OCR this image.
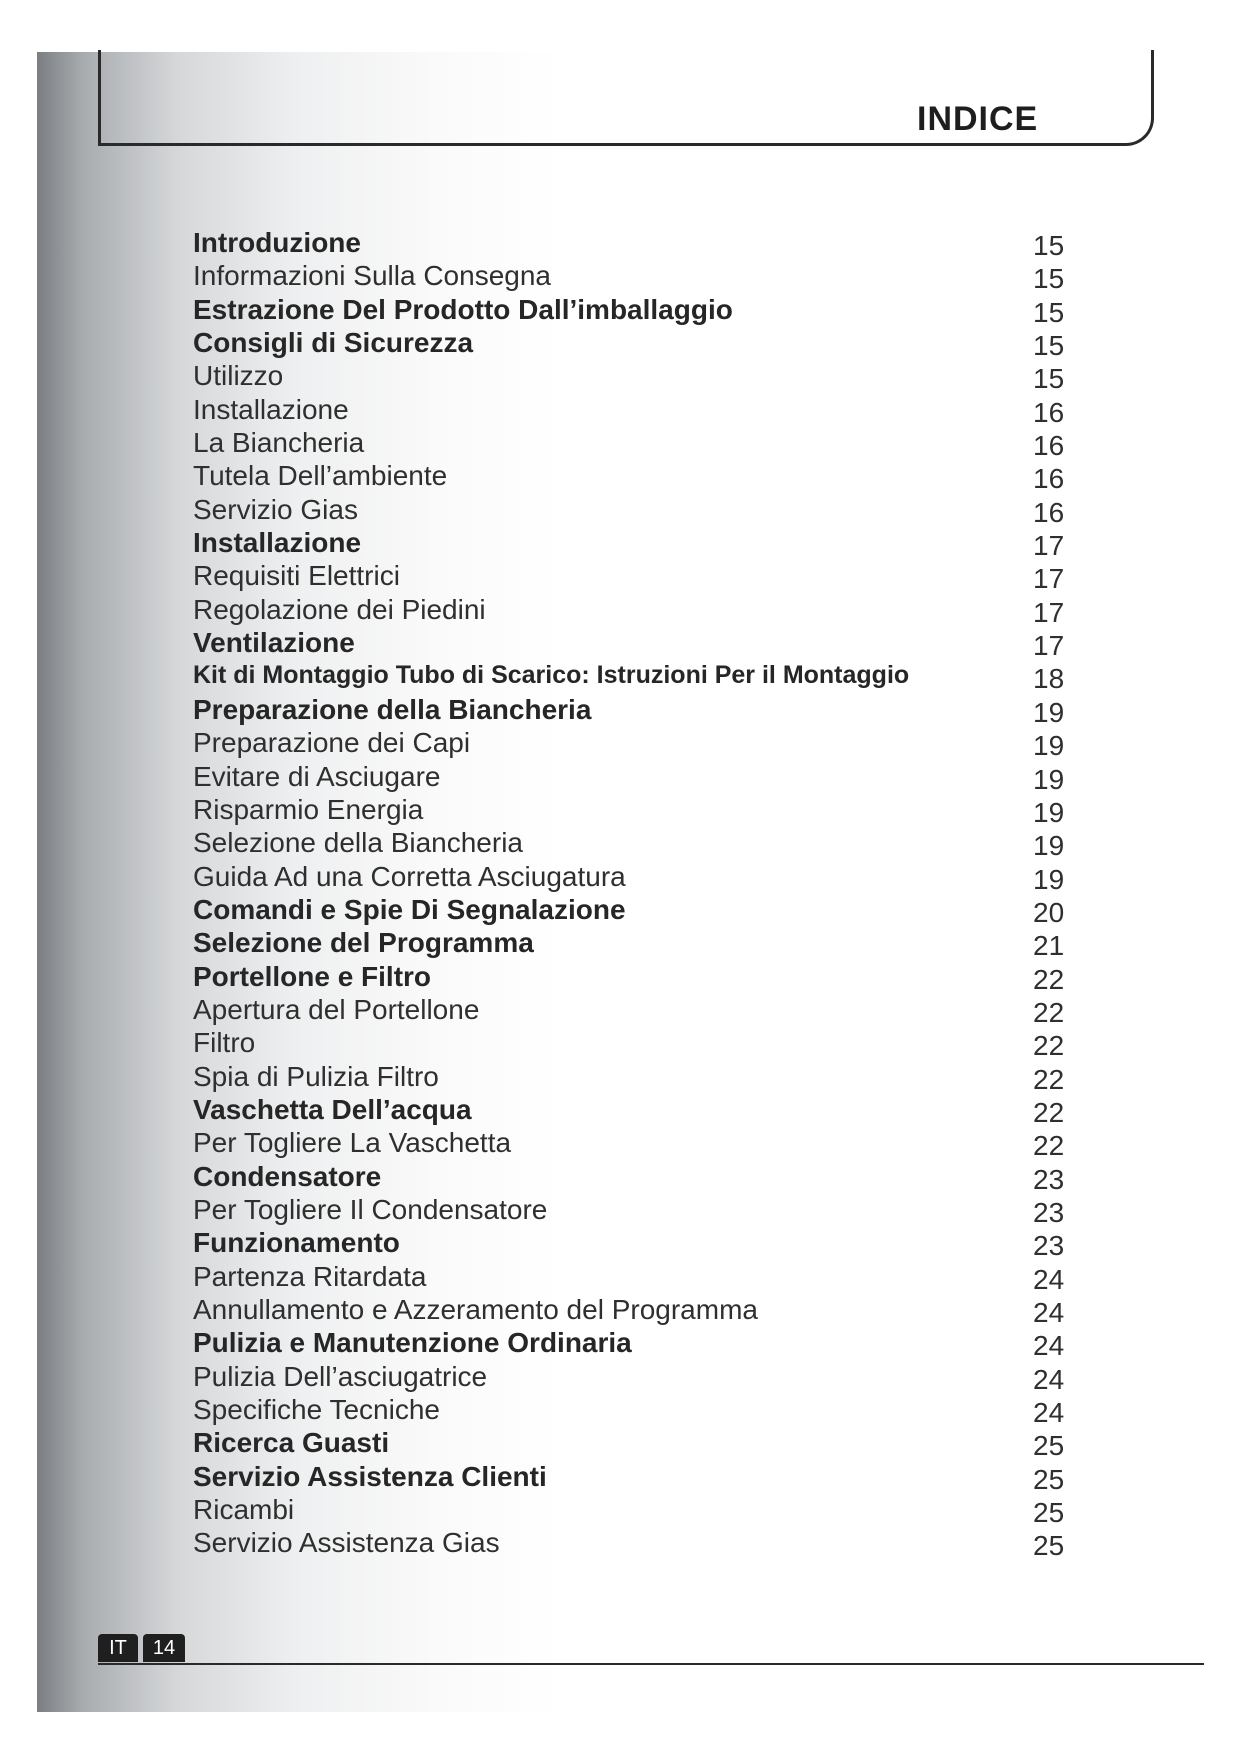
INDICE
Introduzione	15
Informazioni Sulla Consegna	15
Estrazione Del Prodotto Dall’imballaggio	15
Consigli di Sicurezza	15
Utilizzo	15
Installazione	16
La Biancheria	16
Tutela Dell’ambiente	16
Servizio Gias	16
Installazione	17
Requisiti Elettrici	17
Regolazione dei Piedini	17
Ventilazione	17
Kit di Montaggio Tubo di Scarico: Istruzioni Per il Montaggio	18
Preparazione della Biancheria	19
Preparazione dei Capi	19
Evitare di Asciugare	19
Risparmio Energia	19
Selezione della Biancheria	19
Guida Ad una Corretta Asciugatura	19
Comandi e Spie Di Segnalazione	20
Selezione del Programma	21
Portellone e Filtro	22
Apertura del Portellone	22
Filtro	22
Spia di Pulizia Filtro	22
Vaschetta Dell’acqua	22
Per Togliere La Vaschetta	22
Condensatore	23
Per Togliere Il Condensatore	23
Funzionamento	23
Partenza Ritardata	24
Annullamento e Azzeramento del Programma	24
Pulizia e Manutenzione Ordinaria	24
Pulizia Dell’asciugatrice	24
Specifiche Tecniche	24
Ricerca Guasti	25
Servizio Assistenza Clienti	25
Ricambi	25
Servizio Assistenza Gias	25
IT	14
